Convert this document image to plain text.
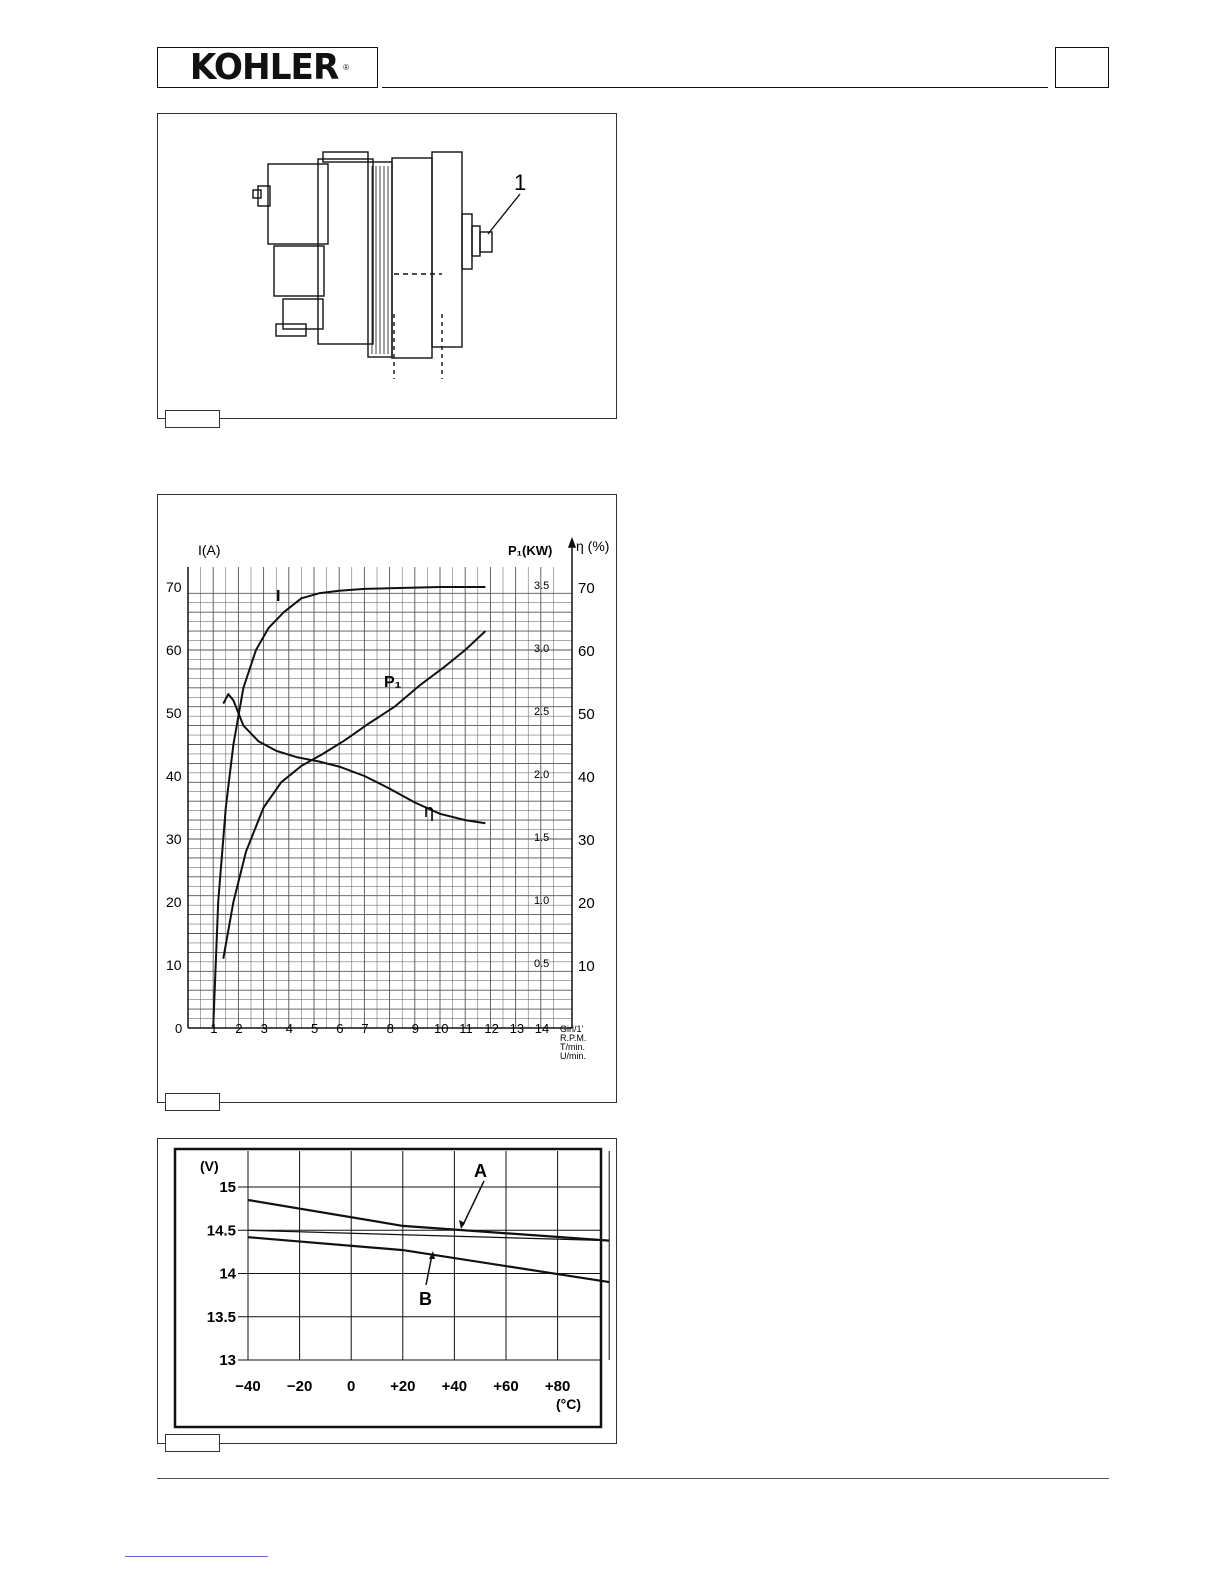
KOHLER ®
1
I(A)	P₁(KW) η (%)
Giri/1'
R.P.M.
T/min.
U/min.
I
P₁
η
0 1 2 3 4 5 6 7 8 9 10 11 12 13 14
10
20
30
40
50
60
70
0.5
1.0
1.5
2.0
2.5
3.0
3.5
10
20
30
40
50
60
70
13
13.5
14
14.5
15
−40 −20 0 +20 +40 +60 +80
(V)
(°C)
A
B
